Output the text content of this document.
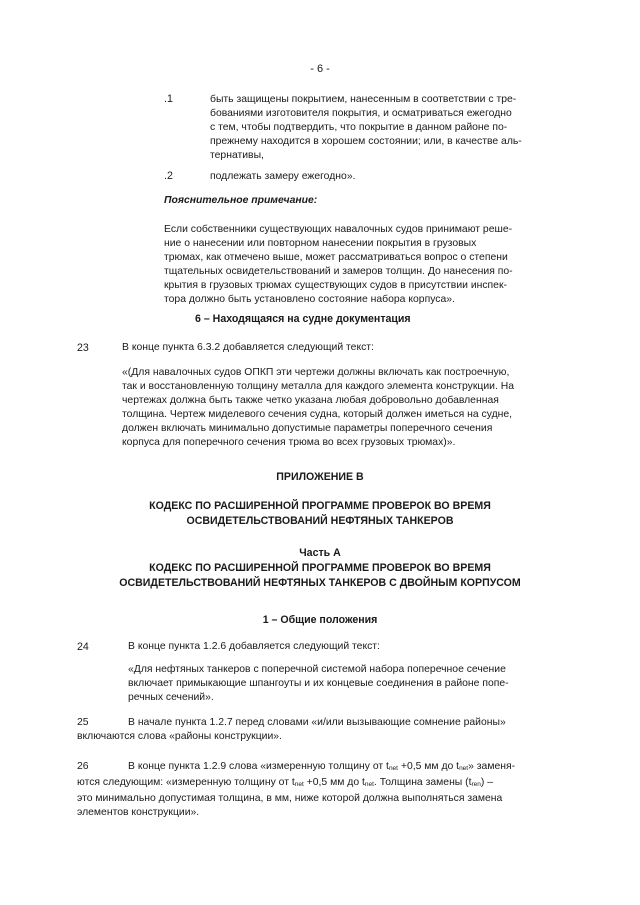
- 6 -
.1	быть защищены покрытием, нанесенным в соответствии с тре-
бованиями изготовителя покрытия, и осматриваться ежегодно
с тем, чтобы подтвердить, что покрытие в данном районе по-
прежнему находится в хорошем состоянии; или, в качестве аль-
тернативы,
.2	подлежать замеру ежегодно».
Пояснительное примечание:
Если собственники существующих навалочных судов принимают реше-
ние о нанесении или повторном нанесении покрытия в грузовых
трюмах, как отмечено выше, может рассматриваться вопрос о степени
тщательных освидетельствований и замеров толщин. До нанесения по-
крытия в грузовых трюмах существующих судов в присутствии инспек-
тора должно быть установлено состояние набора корпуса».
6 – Находящаяся на судне документация
23	В конце пункта 6.3.2 добавляется следующий текст:
«(Для навалочных судов ОПКП эти чертежи должны включать как построечную,
так и восстановленную толщину металла для каждого элемента конструкции. На
чертежах должна быть также четко указана любая добровольно добавленная
толщина. Чертеж миделевого сечения судна, который должен иметься на судне,
должен включать минимально допустимые параметры поперечного сечения
корпуса для поперечного сечения трюма во всех грузовых трюмах)».
ПРИЛОЖЕНИЕ В
КОДЕКС ПО РАСШИРЕННОЙ ПРОГРАММЕ ПРОВЕРОК ВО ВРЕМЯ
ОСВИДЕТЕЛЬСТВОВАНИЙ НЕФТЯНЫХ ТАНКЕРОВ
Часть А
КОДЕКС ПО РАСШИРЕННОЙ ПРОГРАММЕ ПРОВЕРОК ВО ВРЕМЯ
ОСВИДЕТЕЛЬСТВОВАНИЙ НЕФТЯНЫХ ТАНКЕРОВ С ДВОЙНЫМ КОРПУСОМ
1 – Общие положения
24	В конце пункта 1.2.6 добавляется следующий текст:
«Для нефтяных танкеров с поперечной системой набора поперечное сечение
включает примыкающие шпангоуты и их концевые соединения в районе попе-
речных сечений».
25	В начале пункта 1.2.7 перед словами «и/или вызывающие сомнение районы»
включаются слова «районы конструкции».
26	В конце пункта 1.2.9 слова «измеренную толщину от $t_{net} +0,5$ мм до $t_{net}$» заменя-
ются следующим: «измеренную толщину от $t_{net} +0,5$ мм до $t_{net}$. Толщина замены $(t_{ren})$ –
это минимально допустимая толщина, в мм, ниже которой должна выполняться замена
элементов конструкции».
